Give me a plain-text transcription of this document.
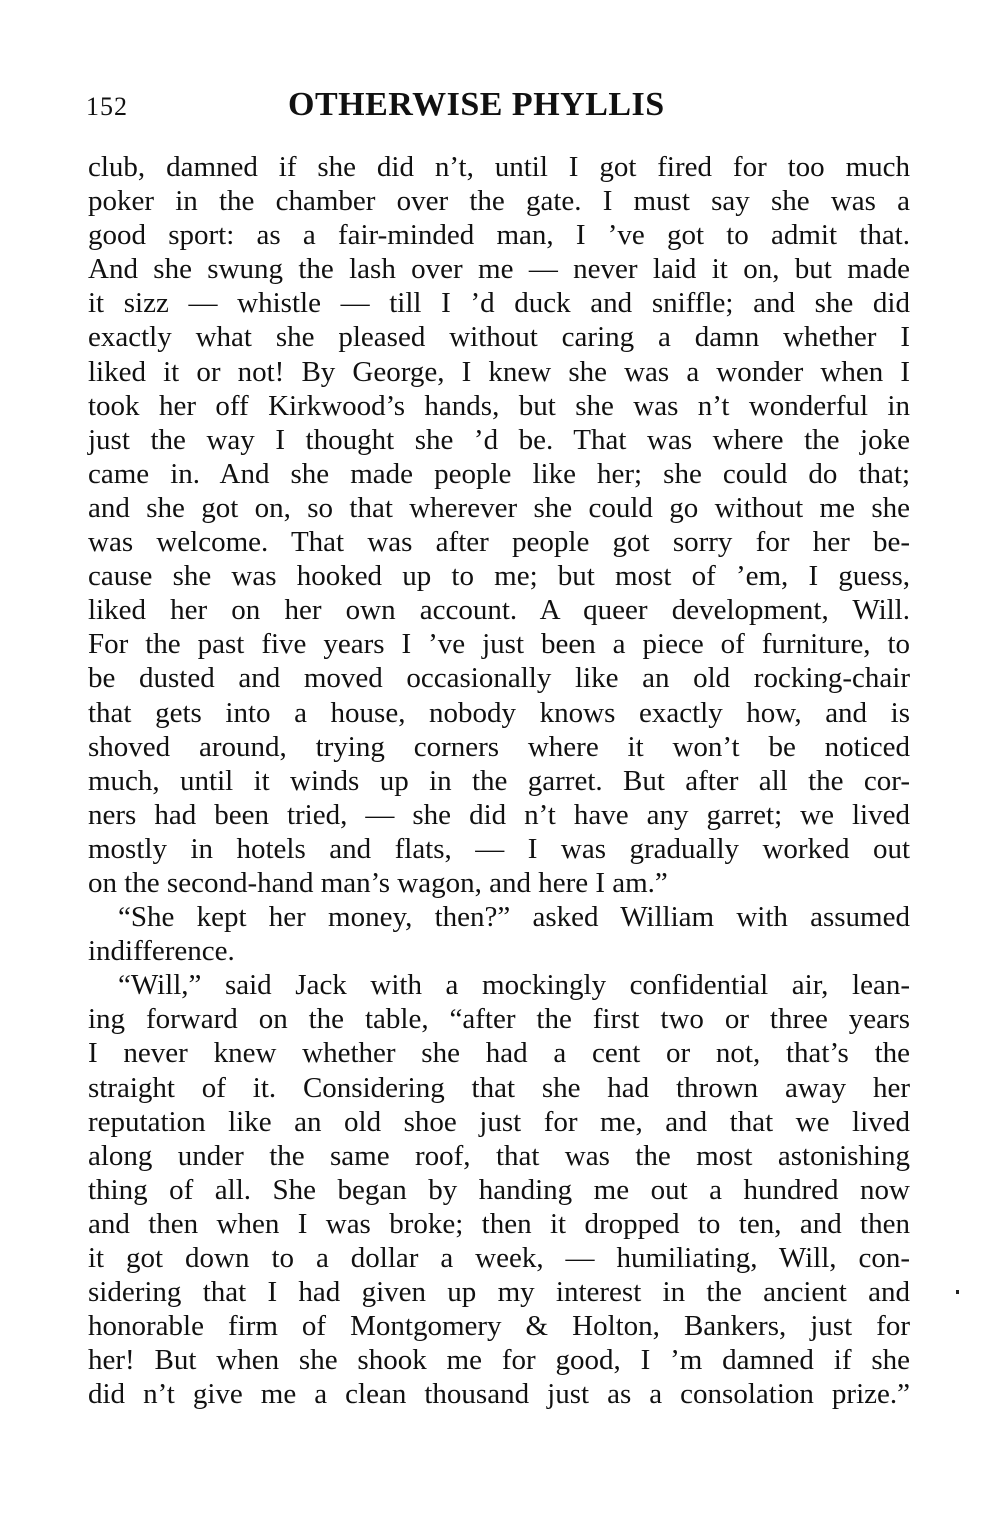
152	OTHERWISE PHYLLIS
club, damned if she did n’t, until I got fired for too much
poker in the chamber over the gate. I must say she was a
good sport: as a fair-minded man, I ’ve got to admit that.
And she swung the lash over me — never laid it on, but made
it sizz — whistle — till I ’d duck and sniffle; and she did
exactly what she pleased without caring a damn whether I
liked it or not! By George, I knew she was a wonder when I
took her off Kirkwood’s hands, but she was n’t wonderful in
just the way I thought she ’d be. That was where the joke
came in. And she made people like her; she could do that;
and she got on, so that wherever she could go without me she
was welcome. That was after people got sorry for her be-
cause she was hooked up to me; but most of ’em, I guess,
liked her on her own account. A queer development, Will.
For the past five years I ’ve just been a piece of furniture, to
be dusted and moved occasionally like an old rocking-chair
that gets into a house, nobody knows exactly how, and is
shoved around, trying corners where it won’t be noticed
much, until it winds up in the garret. But after all the cor-
ners had been tried, — she did n’t have any garret; we lived
mostly in hotels and flats, — I was gradually worked out
on the second-hand man’s wagon, and here I am.”
“She kept her money, then?” asked William with assumed
indifference.
“Will,” said Jack with a mockingly confidential air, lean-
ing forward on the table, “after the first two or three years
I never knew whether she had a cent or not, that’s the
straight of it. Considering that she had thrown away her
reputation like an old shoe just for me, and that we lived
along under the same roof, that was the most astonishing
thing of all. She began by handing me out a hundred now
and then when I was broke; then it dropped to ten, and then
it got down to a dollar a week, — humiliating, Will, con-
sidering that I had given up my interest in the ancient and
honorable firm of Montgomery & Holton, Bankers, just for
her! But when she shook me for good, I ’m damned if she
did n’t give me a clean thousand just as a consolation prize.”
